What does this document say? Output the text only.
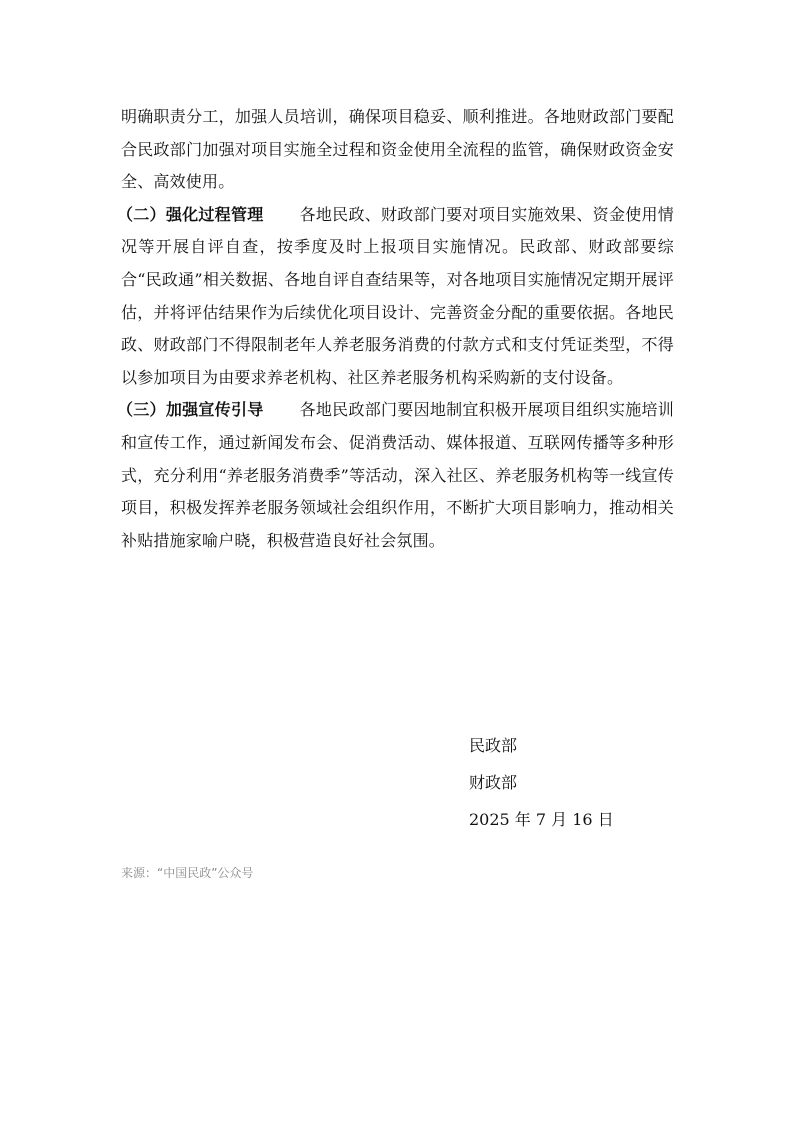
明确职责分工，加强人员培训，确保项目稳妥、顺利推进。各地财政部门要配合民政部门加强对项目实施全过程和资金使用全流程的监管，确保财政资金安全、高效使用。

（二）强化过程管理 各地民政、财政部门要对项目实施效果、资金使用情况等开展自评自查，按季度及时上报项目实施情况。民政部、财政部要综合“民政通”相关数据、各地自评自查结果等，对各地项目实施情况定期开展评估，并将评估结果作为后续优化项目设计、完善资金分配的重要依据。各地民政、财政部门不得限制老年人养老服务消费的付款方式和支付凭证类型，不得以参加项目为由要求养老机构、社区养老服务机构采购新的支付设备。

（三）加强宣传引导 各地民政部门要因地制宜积极开展项目组织实施培训和宣传工作，通过新闻发布会、促消费活动、媒体报道、互联网传播等多种形式，充分利用“养老服务消费季”等活动，深入社区、养老服务机构等一线宣传项目，积极发挥养老服务领域社会组织作用，不断扩大项目影响力，推动相关补贴措施家喻户晓，积极营造良好社会氛围。

民政部
财政部
2025 年 7 月 16 日
来源：“中国民政”公众号
